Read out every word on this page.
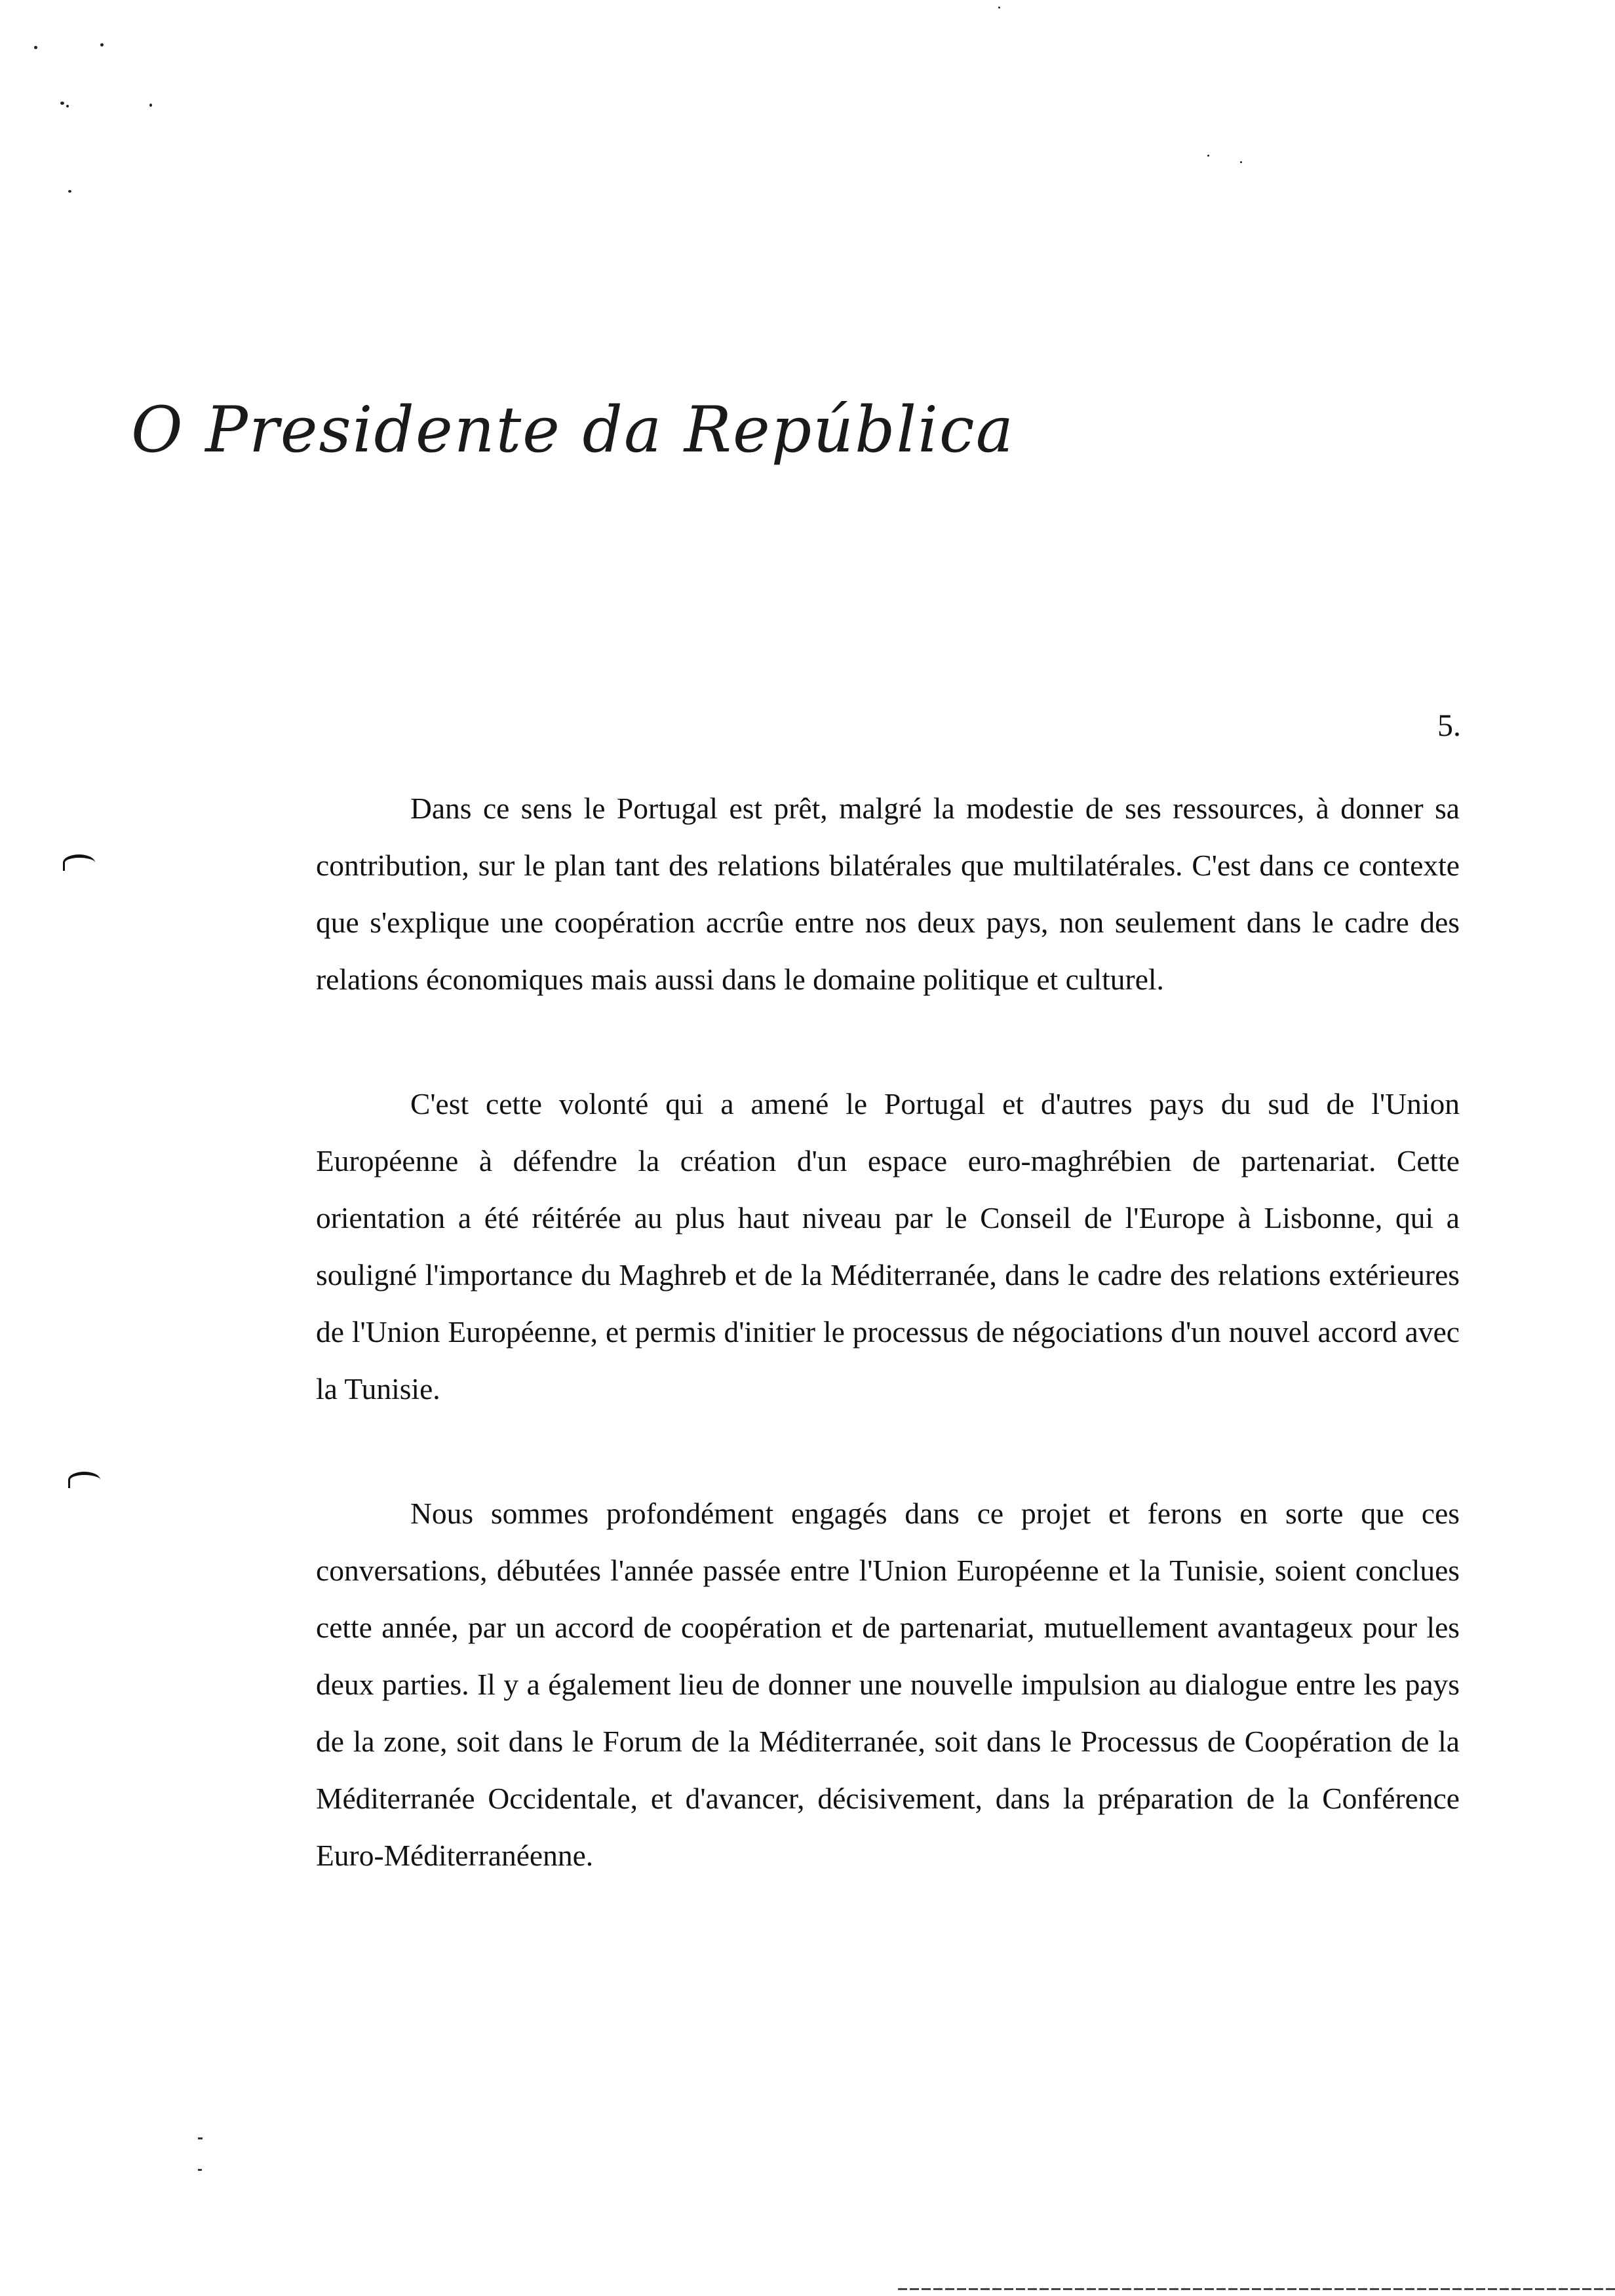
O Presidente da República
5.

Dans ce sens le Portugal est prêt, malgré la modestie de ses ressources, à donner sa contribution, sur le plan tant des relations bilatérales que multilatérales. C'est dans ce contexte que s'explique une coopération accrûe entre nos deux pays, non seulement dans le cadre des relations économiques mais aussi dans le domaine politique et culturel.

C'est cette volonté qui a amené le Portugal et d'autres pays du sud de l'Union Européenne à défendre la création d'un espace euro-maghrébien de partenariat. Cette orientation a été réitérée au plus haut niveau par le Conseil de l'Europe à Lisbonne, qui a souligné l'importance du Maghreb et de la Méditerranée, dans le cadre des relations extérieures de l'Union Européenne, et permis d'initier le processus de négociations d'un nouvel accord avec la Tunisie.

Nous sommes profondément engagés dans ce projet et ferons en sorte que ces conversations, débutées l'année passée entre l'Union Européenne et la Tunisie, soient conclues cette année, par un accord de coopération et de partenariat, mutuellement avantageux pour les deux parties. Il y a également lieu de donner une nouvelle impulsion au dialogue entre les pays de la zone, soit dans le Forum de la Méditerranée, soit dans le Processus de Coopération de la Méditerranée Occidentale, et d'avancer, décisivement, dans la préparation de la Conférence Euro-Méditerranéenne.
